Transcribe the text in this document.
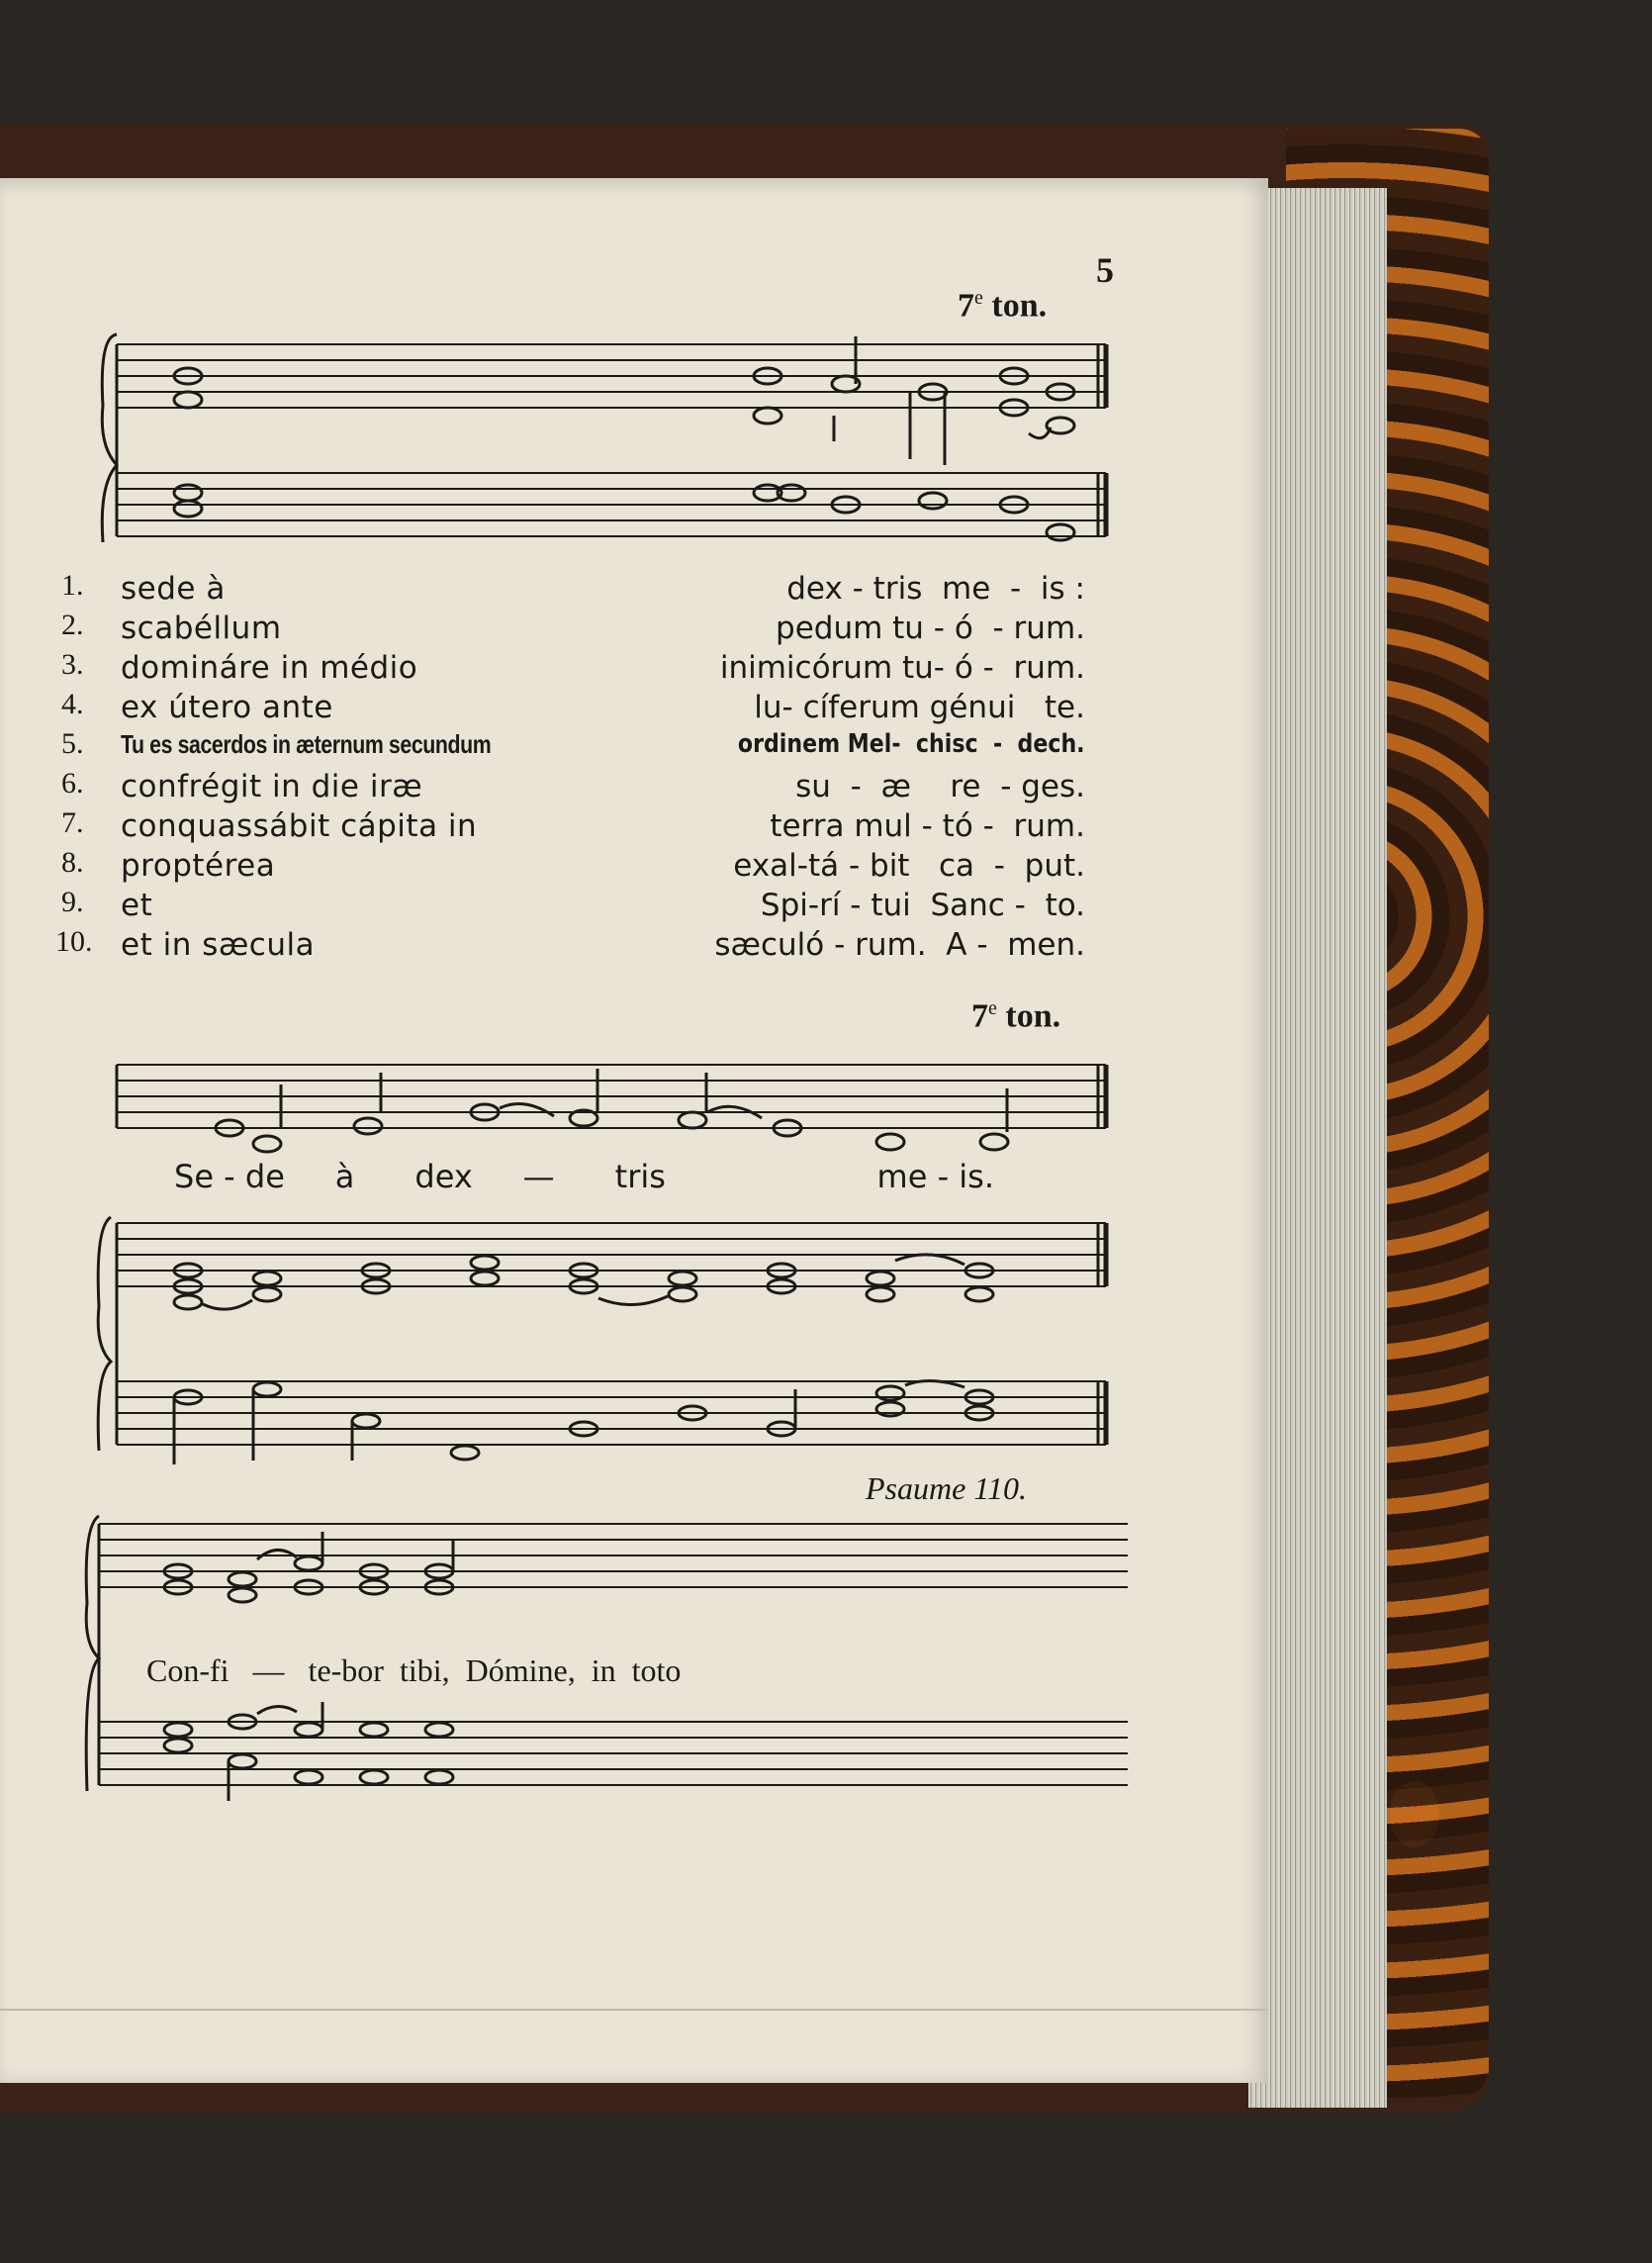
5
7e ton.
1. sede à	dex - tris  me  -  is :
2. scabéllum	pedum tu - ó  - rum.
3. domináre in médio	inimicórum tu- ó -  rum.
4. ex útero ante	lu- cíferum génui   te.
5. Tu es sacerdos in æternum secundum	ordinem Mel-  chisc  -  dech.
6. confrégit in die iræ	su  -  æ    re  - ges.
7. conquassábit cápita in	terra mul - tó -  rum.
8. proptérea	exal-tá - bit   ca  -  put.
9. et	Spi-rí - tui  Sanc -  to.
10. et in sæcula	sæculó - rum.  A -  men.
7e ton.
Se - de     à      dex     —      tris                     me - is.
Psaume 110.
Con-fi   —   te-bor  tibi,  Dómine,  in  toto
